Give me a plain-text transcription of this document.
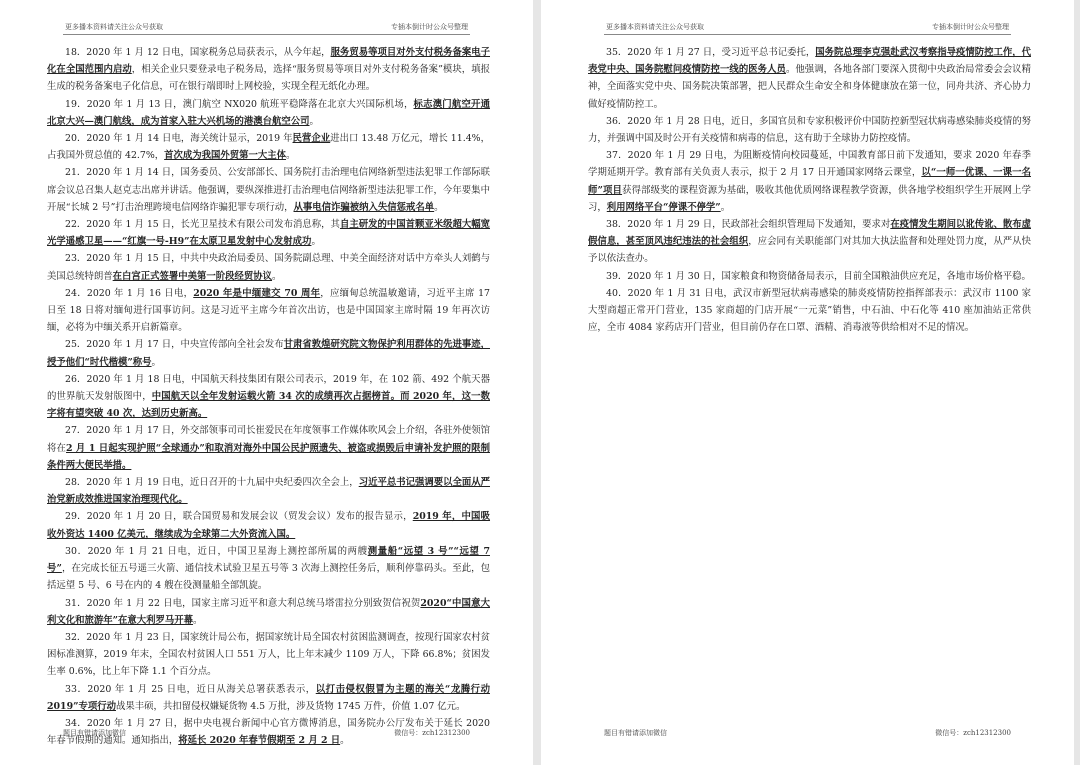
更多播本资料请关注公众号获取	专插本倒计时公众号整理

18．2020 年 1 月 12 日电，国家税务总局获表示，从今年起，服务贸易等项目对外支付税务备案电子化在全国范围内启动，相关企业只要登录电子税务局，选择“服务贸易等项目对外支付税务备案”模块，填报生成的税务备案电子化信息，可在银行端即时上网校验，实现全程无纸化办理。

19．2020 年 1 月 13 日，澳门航空 NX020 航班平稳降落在北京大兴国际机场，标志澳门航空开通北京大兴—澳门航线，成为首家入驻大兴机场的港澳台航空公司。

20．2020 年 1 月 14 日电，海关统计显示，2019 年民营企业进出口 13.48 万亿元，增长 11.4%，占我国外贸总值的 42.7%，首次成为我国外贸第一大主体。

21．2020 年 1 月 14 日，国务委员、公安部部长、国务院打击治理电信网络新型违法犯罪工作部际联席会议总召集人赵克志出席并讲话。他强调，要纵深推进打击治理电信网络新型违法犯罪工作，今年要集中开展“长城 2 号”打击治理跨境电信网络诈骗犯罪专项行动，从事电信诈骗被纳入失信惩戒名单。

22．2020 年 1 月 15 日，长光卫星技术有限公司发布消息称，其自主研发的中国首颗亚米级超大幅宽光学遥感卫星——“红旗一号-H9”在太原卫星发射中心发射成功。

23．2020 年 1 月 15 日，中共中央政治局委员、国务院副总理、中美全面经济对话中方牵头人刘鹤与美国总统特朗普在白宫正式签署中美第一阶段经贸协议。

24．2020 年 1 月 16 日电，2020 年是中缅建交 70 周年，应缅甸总统温敏邀请，习近平主席 17 日至 18 日将对缅甸进行国事访问。这是习近平主席今年首次出访，也是中国国家主席时隔 19 年再次访缅，必将为中缅关系开启新篇章。

25．2020 年 1 月 17 日，中央宣传部向全社会发布甘肃省敦煌研究院文物保护利用群体的先进事迹，授予他们“时代楷模”称号。

26．2020 年 1 月 18 日电，中国航天科技集团有限公司表示，2019 年，在 102 箭、492 个航天器的世界航天发射版图中，中国航天以全年发射运载火箭 34 次的成绩再次占据榜首。而 2020 年，这一数字将有望突破 40 次，达到历史新高。

27．2020 年 1 月 17 日，外交部领事司司长崔爱民在年度领事工作媒体吹风会上介绍，各驻外使领馆将在2 月 1 日起实现护照“全球通办”和取消对海外中国公民护照遗失、被盗或损毁后申请补发护照的限制条件两大便民举措。

28．2020 年 1 月 19 日电，近日召开的十九届中央纪委四次全会上，习近平总书记强调要以全面从严治党新成效推进国家治理现代化。

29．2020 年 1 月 20 日，联合国贸易和发展会议（贸发会议）发布的报告显示，2019 年，中国吸收外资达 1400 亿美元，继续成为全球第二大外资流入国。

30．2020 年 1 月 21 日电，近日，中国卫星海上测控部所属的两艘测量船“远望 3 号”“远望 7 号”，在完成长征五号遥三火箭、通信技术试验卫星五号等 3 次海上测控任务后，顺利停靠码头。至此，包括远望 5 号、6 号在内的 4 艘在役测量船全部凯旋。

31．2020 年 1 月 22 日电，国家主席习近平和意大利总统马塔雷拉分别致贺信祝贺2020“中国意大利文化和旅游年”在意大利罗马开幕。

32．2020 年 1 月 23 日，国家统计局公布，据国家统计局全国农村贫困监测调查，按现行国家农村贫困标准测算，2019 年末，全国农村贫困人口 551 万人，比上年末减少 1109 万人，下降 66.8%；贫困发生率 0.6%，比上年下降 1.1 个百分点。

33．2020 年 1 月 25 日电，近日从海关总署获悉表示，以打击侵权假冒为主题的海关“龙腾行动 2019”专项行动战果丰硕，共扣留侵权嫌疑货物 4.5 万批，涉及货物 1745 万件，价值 1.07 亿元。

34．2020 年 1 月 27 日，据中央电视台新闻中心官方微博消息，国务院办公厅发布关于延长 2020 年春节假期的通知。通知指出，将延长 2020 年春节假期至 2 月 2 日。

题目有错请添加微信	微信号：zch12312300
更多播本资料请关注公众号获取	专插本倒计时公众号整理

35．2020 年 1 月 27 日，受习近平总书记委托，国务院总理李克强赴武汉考察指导疫情防控工作，代表党中央、国务院慰问疫情防控一线的医务人员。他强调，各地各部门要深入贯彻中央政治局常委会会议精神，全面落实党中央、国务院决策部署，把人民群众生命安全和身体健康放在第一位，同舟共济、齐心协力做好疫情防控工。

36．2020 年 1 月 28 日电，近日，多国官员和专家积极评价中国防控新型冠状病毒感染肺炎疫情的努力，并强调中国及时公开有关疫情和病毒的信息，这有助于全球协力防控疫情。

37．2020 年 1 月 29 日电，为阻断疫情向校园蔓延，中国教育部日前下发通知，要求 2020 年春季学期延期开学。教育部有关负责人表示，拟于 2 月 17 日开通国家网络云课堂，以“一师一优课、一课一名师”项目获得部级奖的课程资源为基础，吸收其他优质网络课程教学资源，供各地学校组织学生开展网上学习，利用网络平台“停课不停学”。

38．2020 年 1 月 29 日，民政部社会组织管理局下发通知，要求对在疫情发生期间以讹传讹、散布虚假信息，甚至顶风违纪违法的社会组织，应会同有关职能部门对其加大执法监督和处理处罚力度，从严从快予以依法查办。

39．2020 年 1 月 30 日，国家粮食和物资储备局表示，目前全国粮油供应充足，各地市场价格平稳。

40．2020 年 1 月 31 日电，武汉市新型冠状病毒感染的肺炎疫情防控指挥部表示：武汉市 1100 家大型商超正常开门营业，135 家商超的门店开展“一元菜”销售，中石油、中石化等 410 座加油站正常供应，全市 4084 家药店开门营业，但目前仍存在口罩、酒精、消毒液等供给相对不足的情况。

题目有错请添加微信	微信号：zch12312300
